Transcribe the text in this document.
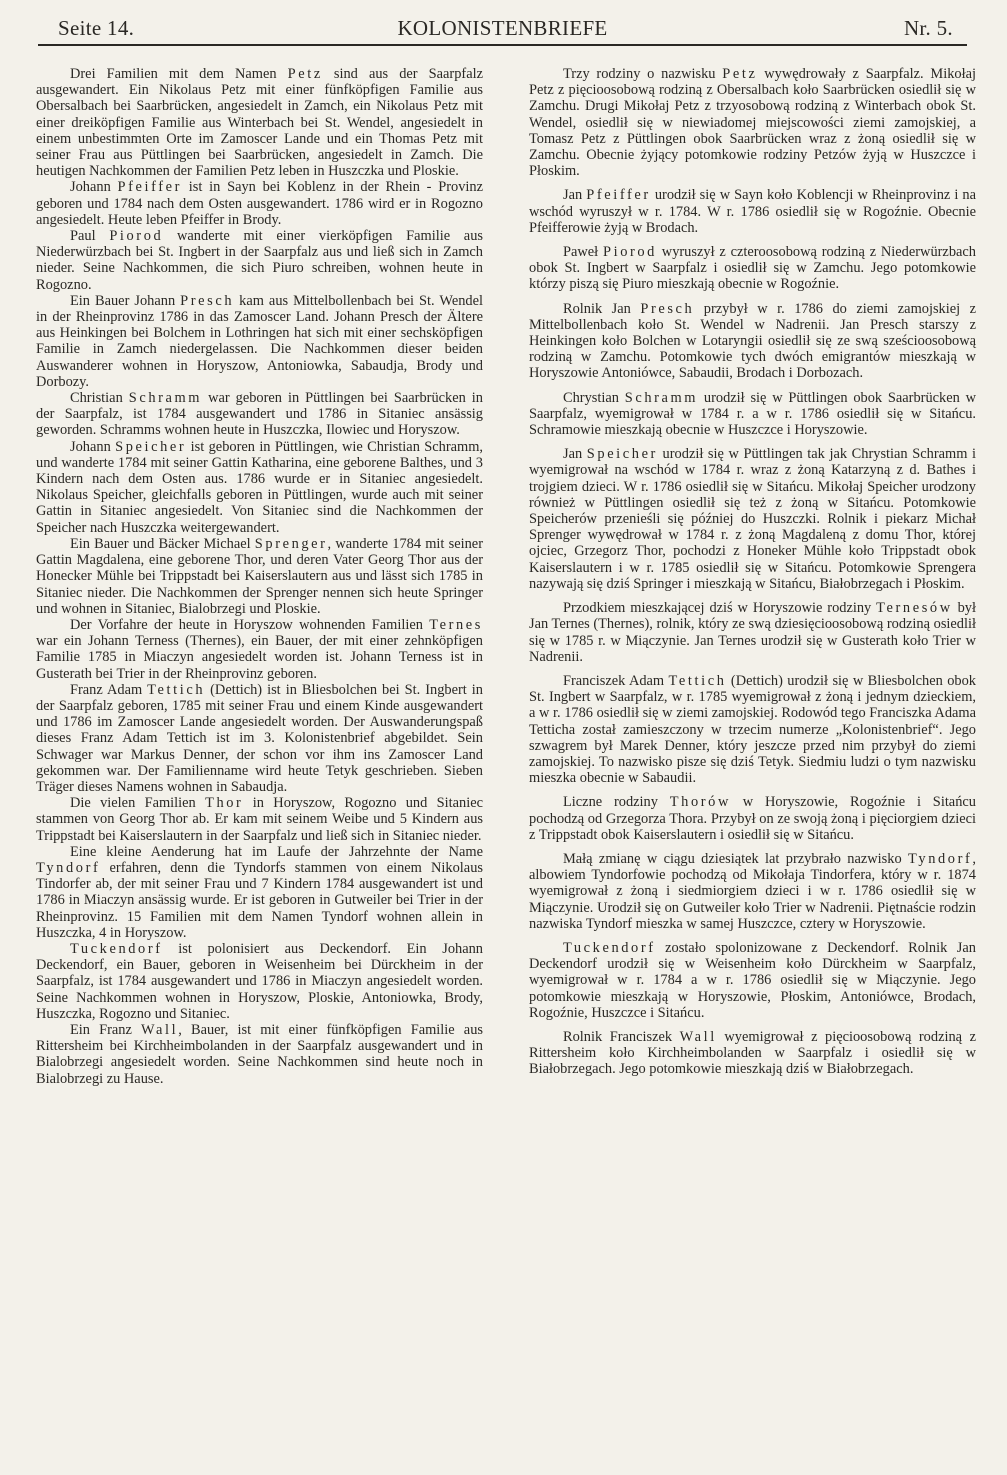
Seite 14.	KOLONISTENBRIEFE	Nr. 5.

Drei Familien mit dem Namen Petz sind aus der Saarpfalz ausgewandert. Ein Nikolaus Petz mit einer fünfköpfigen Familie aus Obersalbach bei Saarbrücken, angesiedelt in Zamch, ein Nikolaus Petz mit einer dreiköpfigen Familie aus Winterbach bei St. Wendel, angesiedelt in einem unbestimmten Orte im Zamoscer Lande und ein Thomas Petz mit seiner Frau aus Püttlingen bei Saarbrücken, angesiedelt in Zamch. Die heutigen Nachkommen der Familien Petz leben in Huszczka und Ploskie.

Johann Pfeiffer ist in Sayn bei Koblenz in der Rhein - Provinz geboren und 1784 nach dem Osten ausgewandert. 1786 wird er in Rogozno angesiedelt. Heute leben Pfeiffer in Brody.

Paul Piorod wanderte mit einer vierköpfigen Familie aus Niederwürzbach bei St. Ingbert in der Saarpfalz aus und ließ sich in Zamch nieder. Seine Nachkommen, die sich Piuro schreiben, wohnen heute in Rogozno.

Ein Bauer Johann Presch kam aus Mittelbollenbach bei St. Wendel in der Rheinprovinz 1786 in das Zamoscer Land. Johann Presch der Ältere aus Heinkingen bei Bolchem in Lothringen hat sich mit einer sechsköpfigen Familie in Zamch niedergelassen. Die Nachkommen dieser beiden Auswanderer wohnen in Horyszow, Antoniowka, Sabaudja, Brody und Dorbozy.

Christian Schramm war geboren in Püttlingen bei Saarbrücken in der Saarpfalz, ist 1784 ausgewandert und 1786 in Sitaniec ansässig geworden. Schramms wohnen heute in Huszczka, Ilowiec und Horyszow.

Johann Speicher ist geboren in Püttlingen, wie Christian Schramm, und wanderte 1784 mit seiner Gattin Katharina, eine geborene Balthes, und 3 Kindern nach dem Osten aus. 1786 wurde er in Sitaniec angesiedelt. Nikolaus Speicher, gleichfalls geboren in Püttlingen, wurde auch mit seiner Gattin in Sitaniec angesiedelt. Von Sitaniec sind die Nachkommen der Speicher nach Huszczka weitergewandert.

Ein Bauer und Bäcker Michael Sprenger, wanderte 1784 mit seiner Gattin Magdalena, eine geborene Thor, und deren Vater Georg Thor aus der Honecker Mühle bei Trippstadt bei Kaiserslautern aus und lässt sich 1785 in Sitaniec nieder. Die Nachkommen der Sprenger nennen sich heute Springer und wohnen in Sitaniec, Bialobrzegi und Ploskie.

Der Vorfahre der heute in Horyszow wohnenden Familien Ternes war ein Johann Terness (Thernes), ein Bauer, der mit einer zehnköpfigen Familie 1785 in Miaczyn angesiedelt worden ist. Johann Terness ist in Gusterath bei Trier in der Rheinprovinz geboren.

Franz Adam Tettich (Dettich) ist in Bliesbolchen bei St. Ingbert in der Saarpfalz geboren, 1785 mit seiner Frau und einem Kinde ausgewandert und 1786 im Zamoscer Lande angesiedelt worden. Der Auswanderungspaß dieses Franz Adam Tettich ist im 3. Kolonistenbrief abgebildet. Sein Schwager war Markus Denner, der schon vor ihm ins Zamoscer Land gekommen war. Der Familienname wird heute Tetyk geschrieben. Sieben Träger dieses Namens wohnen in Sabaudja.

Die vielen Familien Thor in Horyszow, Rogozno und Sitaniec stammen von Georg Thor ab. Er kam mit seinem Weibe und 5 Kindern aus Trippstadt bei Kaiserslautern in der Saarpfalz und ließ sich in Sitaniec nieder.

Eine kleine Aenderung hat im Laufe der Jahrzehnte der Name Tyndorf erfahren, denn die Tyndorfs stammen von einem Nikolaus Tindorfer ab, der mit seiner Frau und 7 Kindern 1784 ausgewandert ist und 1786 in Miaczyn ansässig wurde. Er ist geboren in Gutweiler bei Trier in der Rheinprovinz. 15 Familien mit dem Namen Tyndorf wohnen allein in Huszczka, 4 in Horyszow.

Tuckendorf ist polonisiert aus Deckendorf. Ein Johann Deckendorf, ein Bauer, geboren in Weisenheim bei Dürckheim in der Saarpfalz, ist 1784 ausgewandert und 1786 in Miaczyn angesiedelt worden. Seine Nachkommen wohnen in Horyszow, Ploskie, Antoniowka, Brody, Huszczka, Rogozno und Sitaniec.

Ein Franz Wall, Bauer, ist mit einer fünfköpfigen Familie aus Rittersheim bei Kirchheimbolanden in der Saarpfalz ausgewandert und in Bialobrzegi angesiedelt worden. Seine Nachkommen sind heute noch in Bialobrzegi zu Hause.

Trzy rodziny o nazwisku Petz wywędrowały z Saarpfalz. Mikołaj Petz z pięcioosobową rodziną z Obersalbach koło Saarbrücken osiedlił się w Zamchu. Drugi Mikołaj Petz z trzyosobową rodziną z Winterbach obok St. Wendel, osiedlił się w niewiadomej miejscowości ziemi zamojskiej, a Tomasz Petz z Püttlingen obok Saarbrücken wraz z żoną osiedlił się w Zamchu. Obecnie żyjący potomkowie rodziny Petzów żyją w Huszczce i Płoskim.

Jan Pfeiffer urodził się w Sayn koło Koblencji w Rheinprovinz i na wschód wyruszył w r. 1784. W r. 1786 osiedlił się w Rogoźnie. Obecnie Pfeifferowie żyją w Brodach.

Paweł Piorod wyruszył z czteroosobową rodziną z Niederwürzbach obok St. Ingbert w Saarpfalz i osiedlił się w Zamchu. Jego potomkowie którzy piszą się Piuro mieszkają obecnie w Rogoźnie.

Rolnik Jan Presch przybył w r. 1786 do ziemi zamojskiej z Mittelbollenbach koło St. Wendel w Nadrenii. Jan Presch starszy z Heinkingen koło Bolchen w Lotaryngii osiedlił się ze swą sześcioosobową rodziną w Zamchu. Potomkowie tych dwóch emigrantów mieszkają w Horyszowie Antoniówce, Sabaudii, Brodach i Dorbozach.

Chrystian Schramm urodził się w Püttlingen obok Saarbrücken w Saarpfalz, wyemigrował w 1784 r. a w r. 1786 osiedlił się w Sitańcu. Schramowie mieszkają obecnie w Huszczce i Horyszowie.

Jan Speicher urodził się w Püttlingen tak jak Chrystian Schramm i wyemigrował na wschód w 1784 r. wraz z żoną Katarzyną z d. Bathes i trojgiem dzieci. W r. 1786 osiedlił się w Sitańcu. Mikołaj Speicher urodzony również w Püttlingen osiedlił się też z żoną w Sitańcu. Potomkowie Speicherów przenieśli się później do Huszczki. Rolnik i piekarz Michał Sprenger wywędrował w 1784 r. z żoną Magdaleną z domu Thor, której ojciec, Grzegorz Thor, pochodzi z Honeker Mühle koło Trippstadt obok Kaiserslautern i w r. 1785 osiedlił się w Sitańcu. Potomkowie Sprengera nazywają się dziś Springer i mieszkają w Sitańcu, Białobrzegach i Płoskim.

Przodkiem mieszkającej dziś w Horyszowie rodziny Ternesów był Jan Ternes (Thernes), rolnik, który ze swą dziesięcioosobową rodziną osiedlił się w 1785 r. w Miączynie. Jan Ternes urodził się w Gusterath koło Trier w Nadrenii.

Franciszek Adam Tettich (Dettich) urodził się w Bliesbolchen obok St. Ingbert w Saarpfalz, w r. 1785 wyemigrował z żoną i jednym dzieckiem, a w r. 1786 osiedlił się w ziemi zamojskiej. Rodowód tego Franciszka Adama Tetticha został zamieszczony w trzecim numerze „Kolonistenbrief“. Jego szwagrem był Marek Denner, który jeszcze przed nim przybył do ziemi zamojskiej. To nazwisko pisze się dziś Tetyk. Siedmiu ludzi o tym nazwisku mieszka obecnie w Sabaudii.

Liczne rodziny Thorów w Horyszowie, Rogoźnie i Sitańcu pochodzą od Grzegorza Thora. Przybył on ze swoją żoną i pięciorgiem dzieci z Trippstadt obok Kaiserslautern i osiedlił się w Sitańcu.

Małą zmianę w ciągu dziesiątek lat przybrało nazwisko Tyndorf, albowiem Tyndorfowie pochodzą od Mikołaja Tindorfera, który w r. 1874 wyemigrował z żoną i siedmiorgiem dzieci i w r. 1786 osiedlił się w Miączynie. Urodził się on Gutweiler koło Trier w Nadrenii. Piętnaście rodzin nazwiska Tyndorf mieszka w samej Huszczce, cztery w Horyszowie.

Tuckendorf zostało spolonizowane z Deckendorf. Rolnik Jan Deckendorf urodził się w Weisenheim koło Dürckheim w Saarpfalz, wyemigrował w r. 1784 a w r. 1786 osiedlił się w Miączynie. Jego potomkowie mieszkają w Horyszowie, Płoskim, Antoniówce, Brodach, Rogoźnie, Huszczce i Sitańcu.

Rolnik Franciszek Wall wyemigrował z pięcioosobową rodziną z Rittersheim koło Kirchheimbolanden w Saarpfalz i osiedlił się w Białobrzegach. Jego potomkowie mieszkają dziś w Białobrzegach.
